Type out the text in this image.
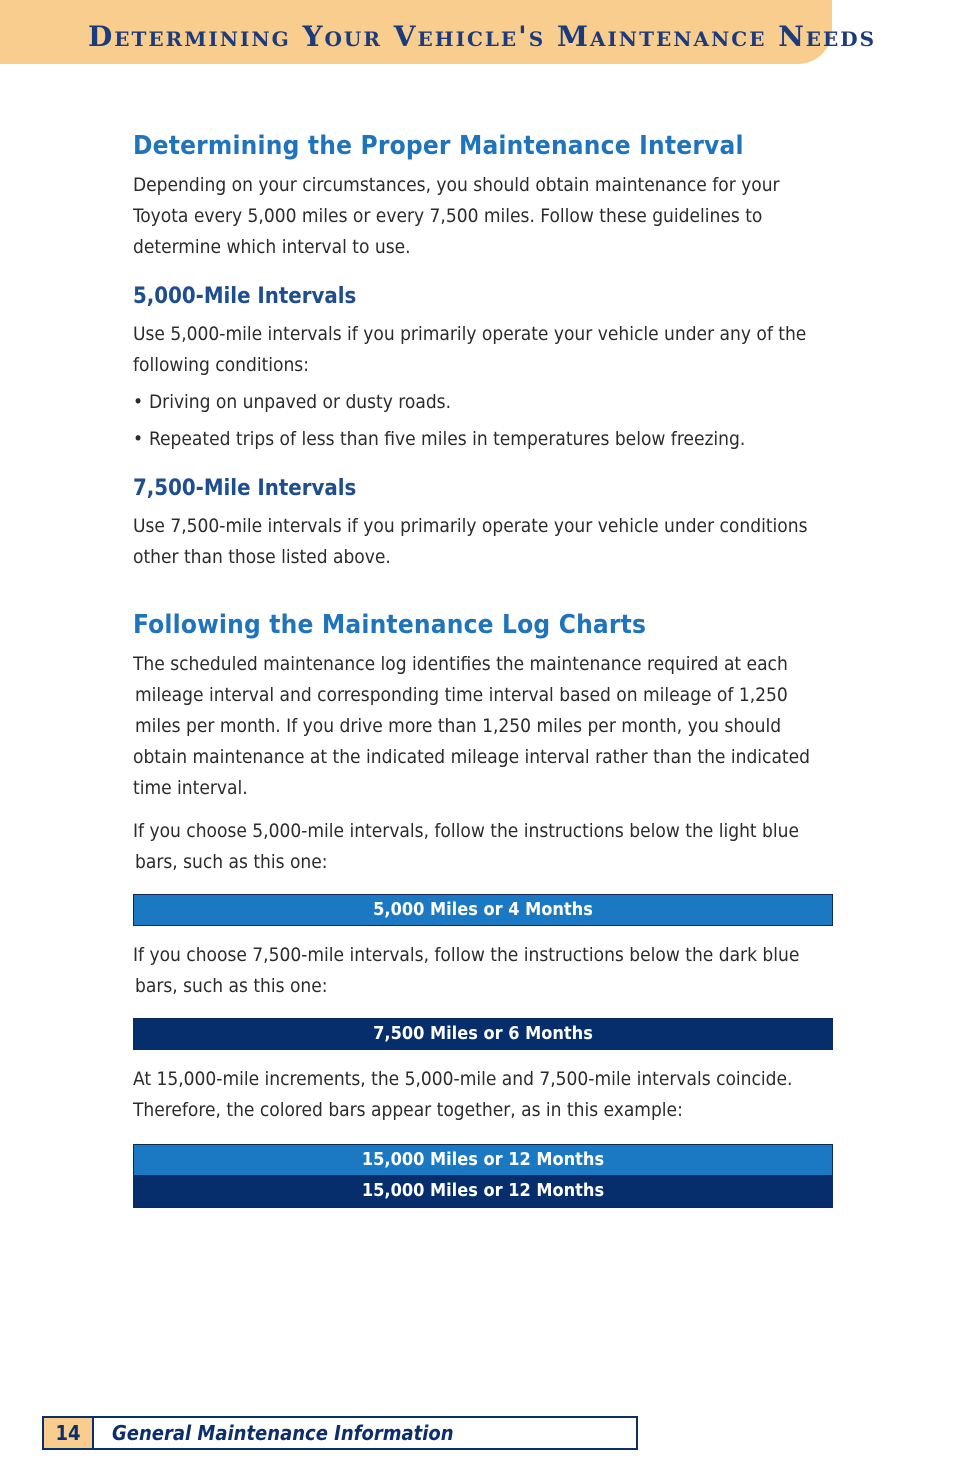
Determining Your Vehicle's Maintenance Needs
Determining the Proper Maintenance Interval

Depending on your circumstances, you should obtain maintenance for your

Toyota every 5,000 miles or every 7,500 miles. Follow these guidelines to

determine which interval to use.

5,000-Mile Intervals

Use 5,000-mile intervals if you primarily operate your vehicle under any of the

following conditions:

• Driving on unpaved or dusty roads.
• Repeated trips of less than five miles in temperatures below freezing.
7,500-Mile Intervals

Use 7,500-mile intervals if you primarily operate your vehicle under conditions

other than those listed above.

Following the Maintenance Log Charts

The scheduled maintenance log identifies the maintenance required at each

mileage interval and corresponding time interval based on mileage of 1,250

miles per month. If you drive more than 1,250 miles per month, you should

obtain maintenance at the indicated mileage interval rather than the indicated

time interval.

If you choose 5,000-mile intervals, follow the instructions below the light blue

bars, such as this one:

5,000 Miles or 4 Months

If you choose 7,500-mile intervals, follow the instructions below the dark blue

bars, such as this one:

7,500 Miles or 6 Months

At 15,000-mile increments, the 5,000-mile and 7,500-mile intervals coincide.

Therefore, the colored bars appear together, as in this example:

15,000 Miles or 12 Months
15,000 Miles or 12 Months
14	General Maintenance Information
